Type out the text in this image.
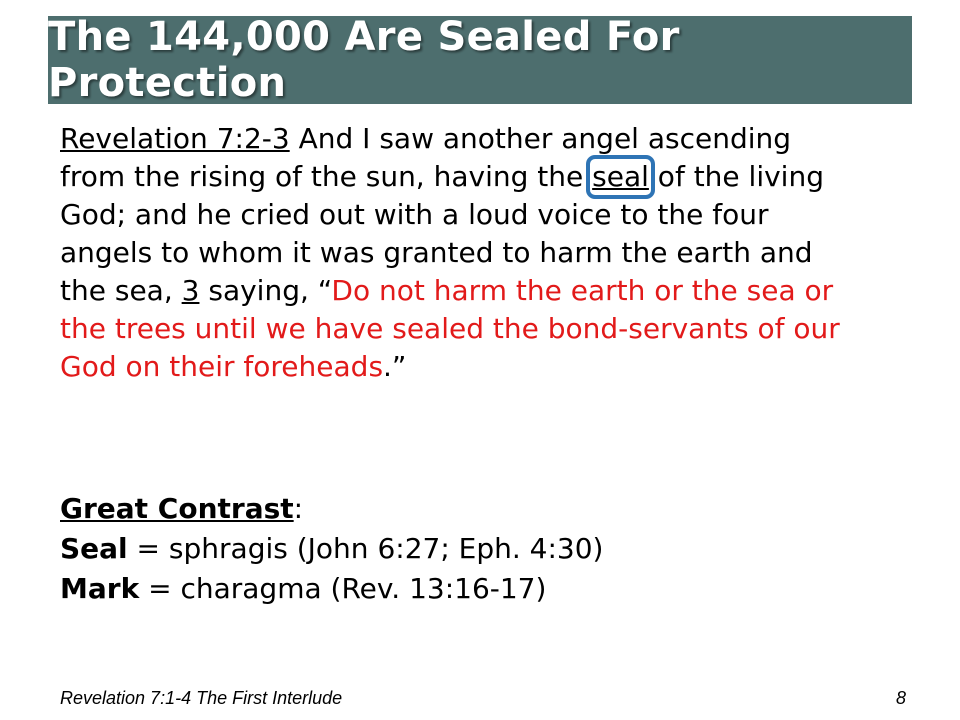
The 144,000 Are Sealed For Protection
Revelation 7:2-3 And I saw another angel ascending
from the rising of the sun, having the seal of the living
God; and he cried out with a loud voice to the four
angels to whom it was granted to harm the earth and
the sea, 3 saying, “Do not harm the earth or the sea or
the trees until we have sealed the bond-servants of our
God on their foreheads.”
Great Contrast:
Seal = sphragis (John 6:27; Eph. 4:30)
Mark = charagma (Rev. 13:16-17)
Revelation 7:1-4 The First Interlude	8
